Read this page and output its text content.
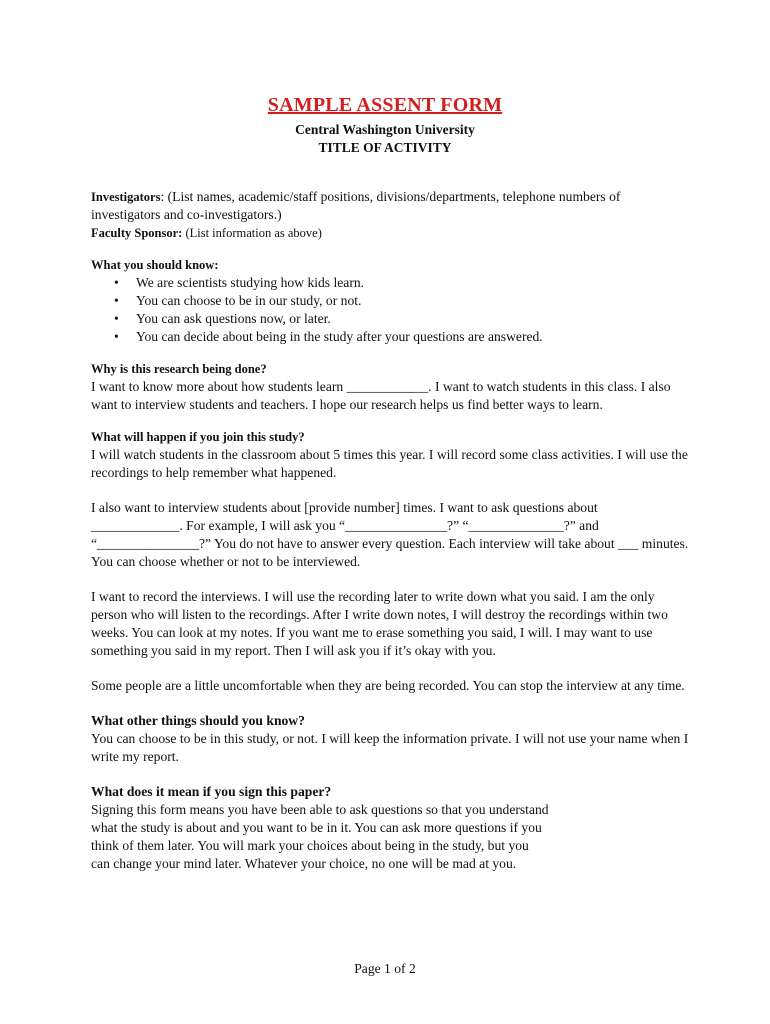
SAMPLE ASSENT FORM
Central Washington University
TITLE OF ACTIVITY

Investigators: (List names, academic/staff positions, divisions/departments, telephone numbers of investigators and co-investigators.)

Faculty Sponsor: (List information as above)

What you should know:

• We are scientists studying how kids learn.
• You can choose to be in our study, or not.
• You can ask questions now, or later.
• You can decide about being in the study after your questions are answered.

Why is this research being done?

I want to know more about how students learn ____________. I want to watch students in this class. I also want to interview students and teachers. I hope our research helps us find better ways to learn.

What will happen if you join this study?

I will watch students in the classroom about 5 times this year. I will record some class activities. I will use the recordings to help remember what happened.

I also want to interview students about [provide number] times. I want to ask questions about _____________. For example, I will ask you “_______________?” “______________?” and “_______________?” You do not have to answer every question. Each interview will take about ___ minutes. You can choose whether or not to be interviewed.

I want to record the interviews. I will use the recording later to write down what you said. I am the only person who will listen to the recordings. After I write down notes, I will destroy the recordings within two weeks. You can look at my notes. If you want me to erase something you said, I will. I may want to use something you said in my report. Then I will ask you if it’s okay with you.

Some people are a little uncomfortable when they are being recorded. You can stop the interview at any time.

What other things should you know?

You can choose to be in this study, or not. I will keep the information private. I will not use your name when I write my report.

What does it mean if you sign this paper?

Signing this form means you have been able to ask questions so that you understand

what the study is about and you want to be in it. You can ask more questions if you

think of them later. You will mark your choices about being in the study, but you

can change your mind later. Whatever your choice, no one will be mad at you.

Page 1 of 2
